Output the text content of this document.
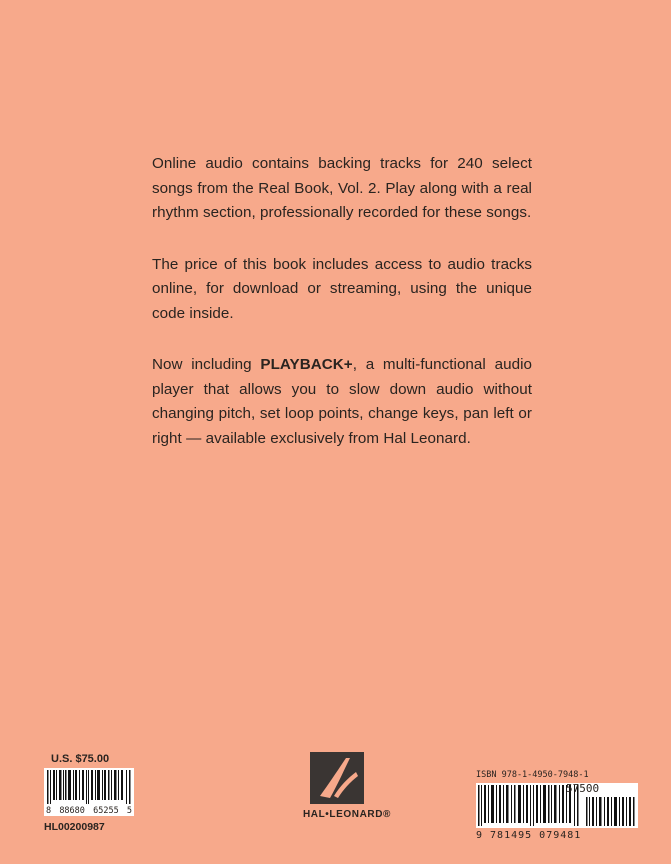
Online audio contains backing tracks for 240 select songs from the Real Book, Vol. 2. Play along with a real rhythm section, professionally recorded for these songs.

The price of this book includes access to audio tracks online, for download or streaming, using the unique code inside.

Now including PLAYBACK+, a multi-functional audio player that allows you to slow down audio without changing pitch, set loop points, change keys, pan left or right — available exclusively from Hal Leonard.

U.S. $75.00
8 88680 65255 5
HL00200987
HAL•LEONARD®
ISBN 978-1-4950-7948-1
57500
9 781495 079481
